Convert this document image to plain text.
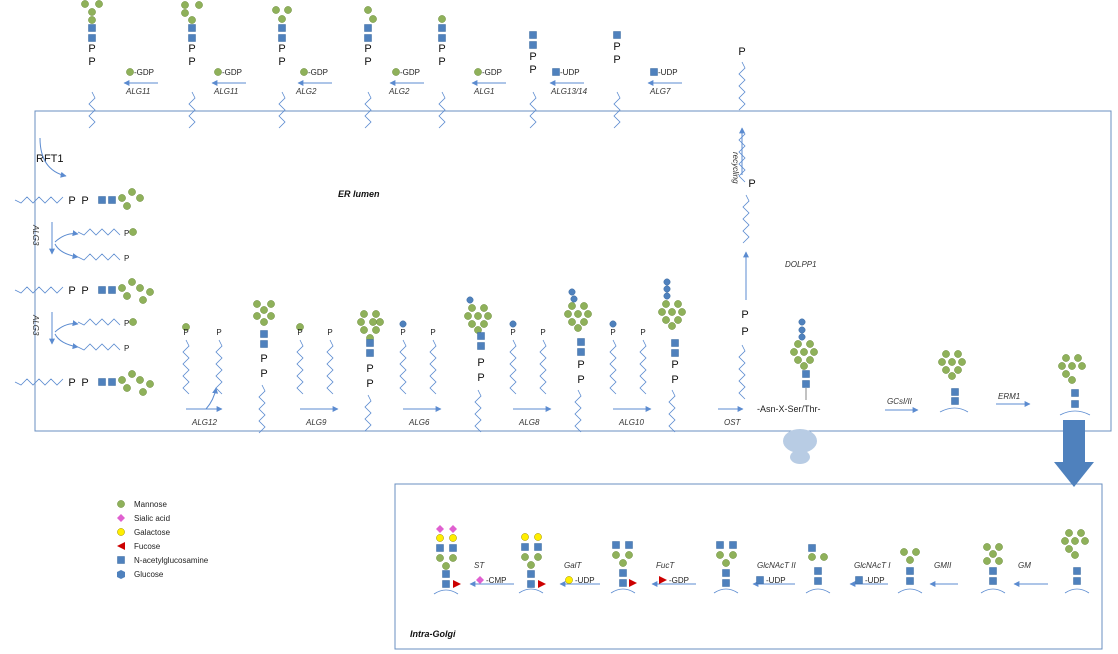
RFT1
ER lumen
Intra-Golgi
DOLPP1
-Asn-X-Ser/Thr-
GCsI/II
ERM1
recycling
ALG3
ALG3
Mannose
Sialic acid
Galactose
Fucose
N-acetylglucosamine
Glucose
P
P
P
P
P
P
P
P
P
P	P
P
P
P
P
-GDP
ALG11
-GDP
ALG11
-GDP
ALG2
-GDP
ALG2
-GDP
ALG1
-UDP
ALG13/14
-UDP
ALG7
P P
P P
P P
P
P
P
P
P
P
P
P	P	P	P	P	P	P	P	P	P
ALG12	ALG9	ALG6	ALG8	ALG10	OST
P
P	P
P
P
P
P
P
P
P
GM
GMII
GlcNAcT I
GlcNAcT II
FucT
GalT
ST
-UDP
-UDP
-GDP
-UDP
-CMP
